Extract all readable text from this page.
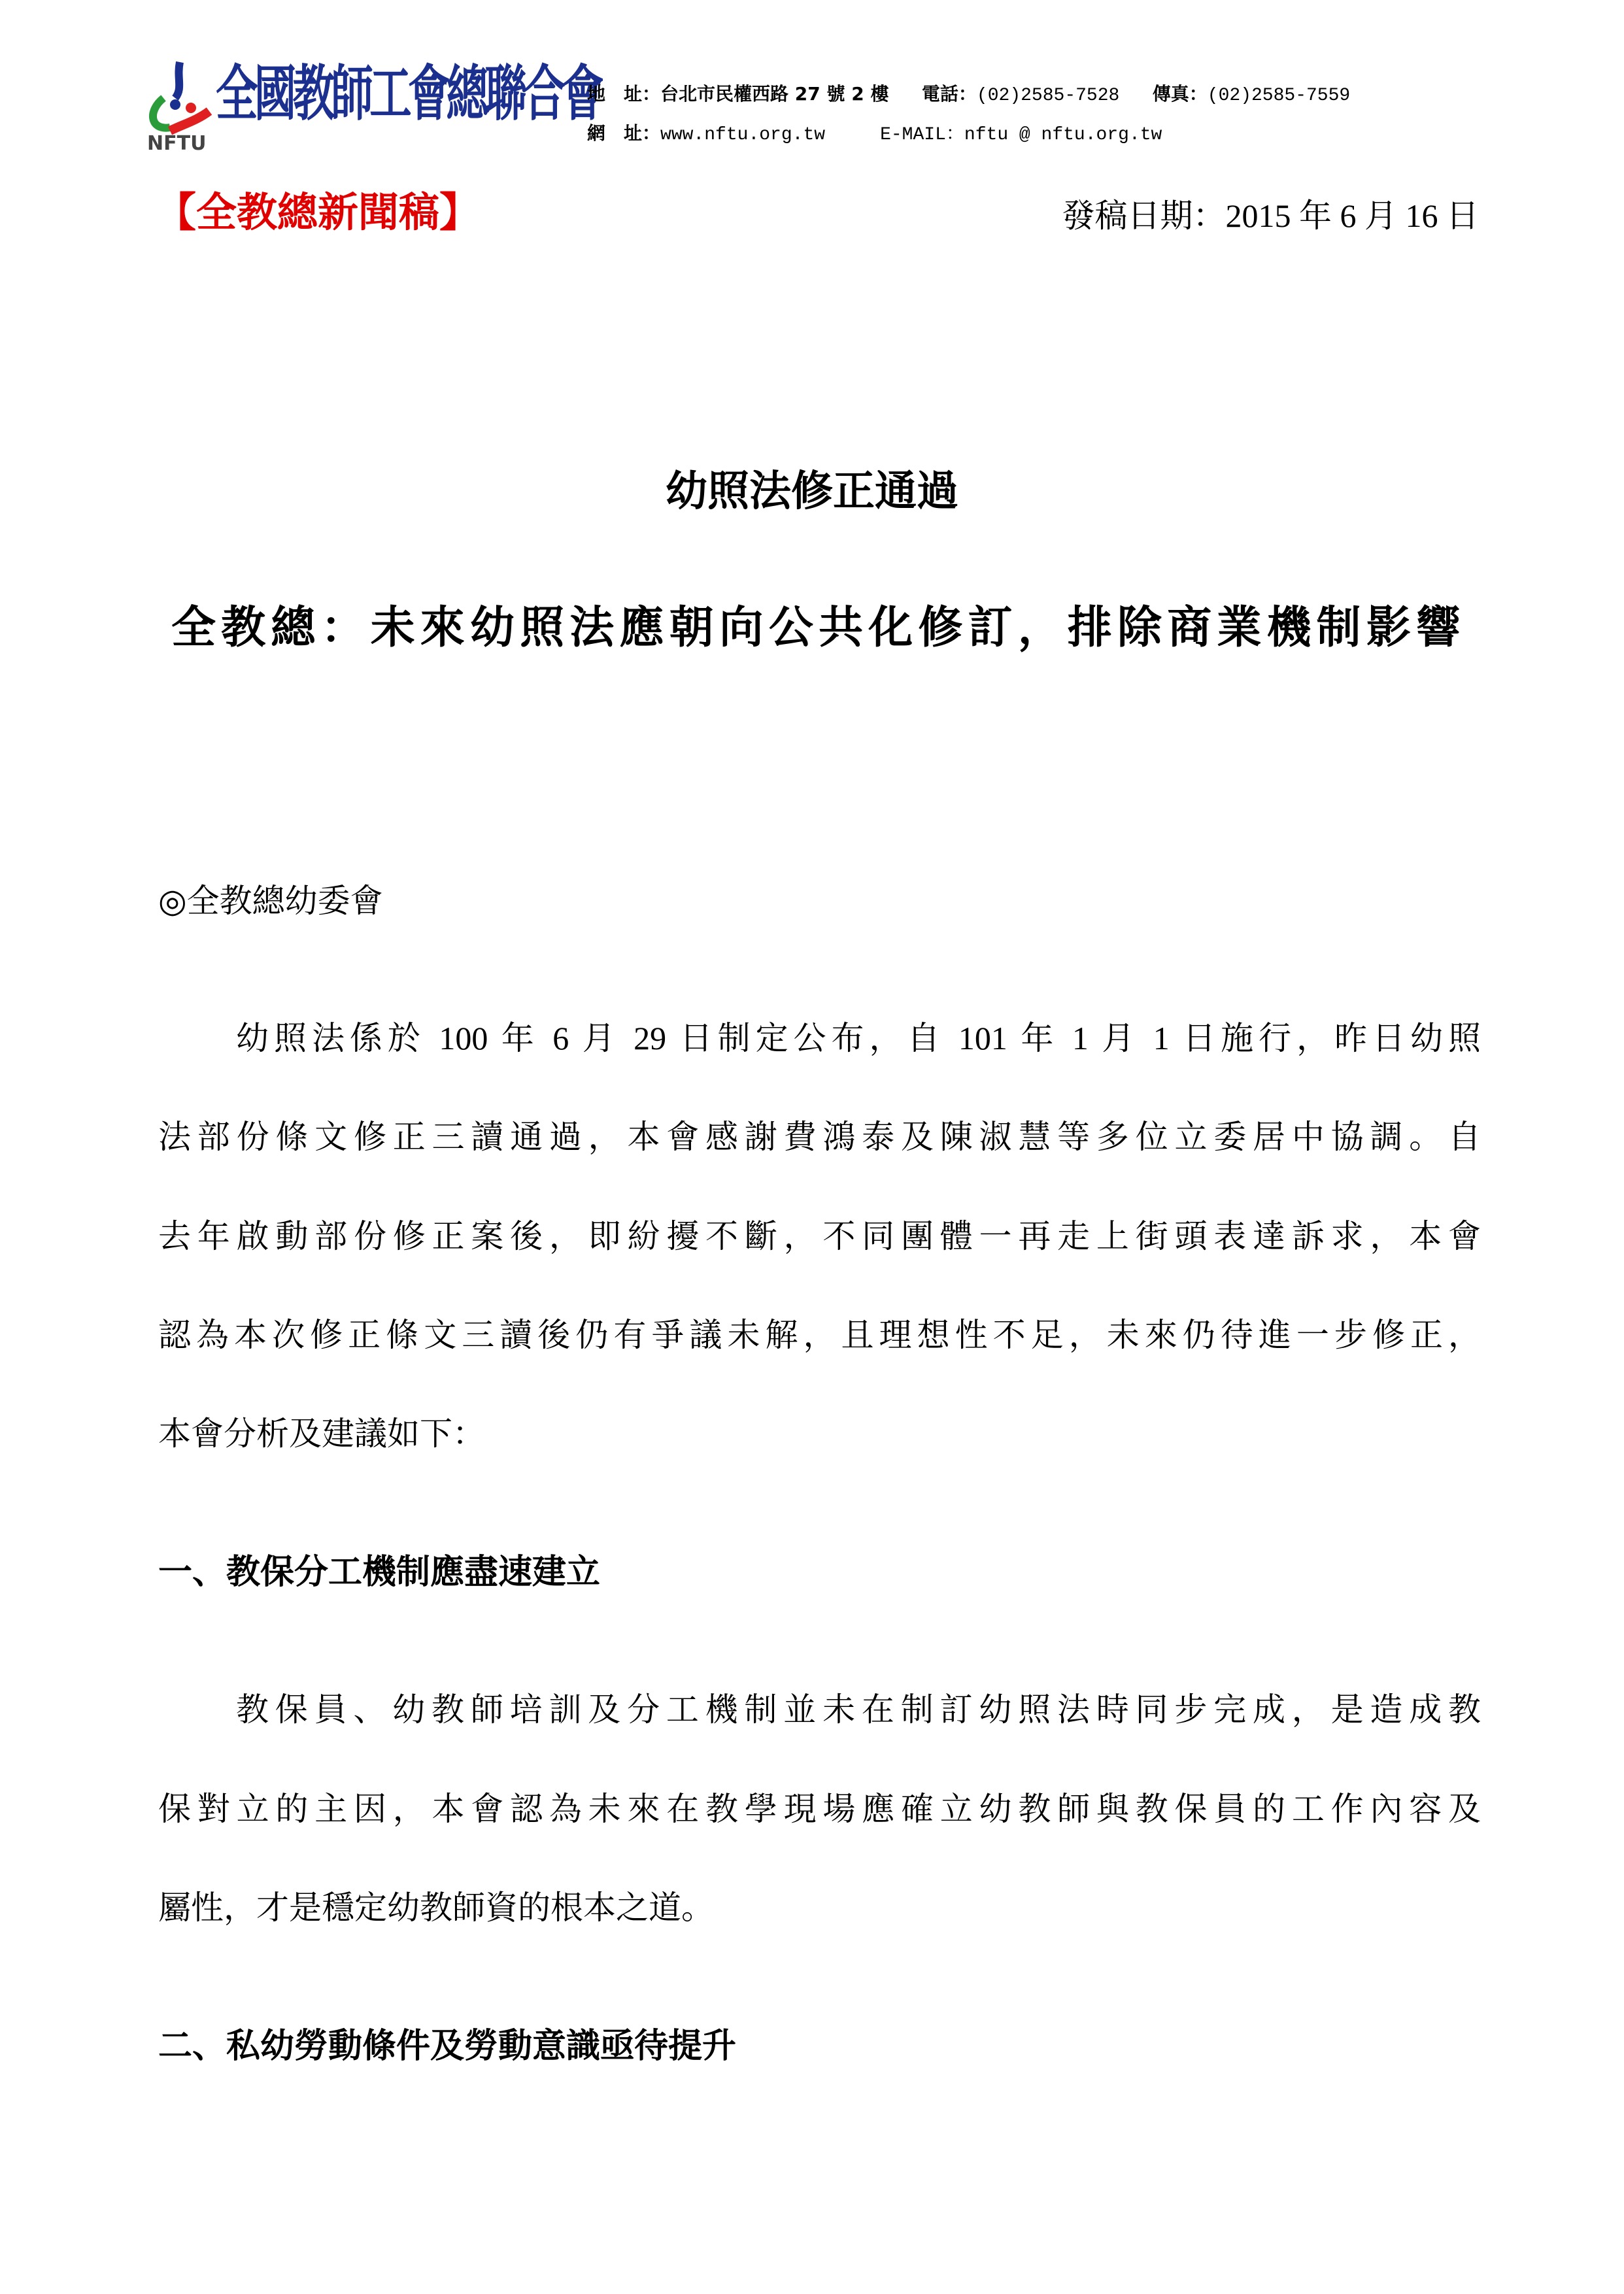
NFTU
全國教師工會總聯合會
地　址：台北市民權西路 27 號 2 樓 電話：(02)2585-7528 傳真：(02)2585-7559
網　址：www.nftu.org.tw	E-MAIL：nftu @ nftu.org.tw
【全教總新聞稿】	發稿日期：2015 年 6 月 16 日
幼照法修正通過
全教總：未來幼照法應朝向公共化修訂，排除商業機制影響
◎全教總幼委會
幼照法係於 100 年 6 月 29 日制定公布，自 101 年 1 月 1 日施行，昨日幼照
法部份條文修正三讀通過，本會感謝費鴻泰及陳淑慧等多位立委居中協調。自
去年啟動部份修正案後，即紛擾不斷，不同團體一再走上街頭表達訴求，本會
認為本次修正條文三讀後仍有爭議未解，且理想性不足，未來仍待進一步修正，
本會分析及建議如下：
一、教保分工機制應盡速建立
教保員、幼教師培訓及分工機制並未在制訂幼照法時同步完成，是造成教
保對立的主因，本會認為未來在教學現場應確立幼教師與教保員的工作內容及
屬性，才是穩定幼教師資的根本之道。
二、私幼勞動條件及勞動意識亟待提升
